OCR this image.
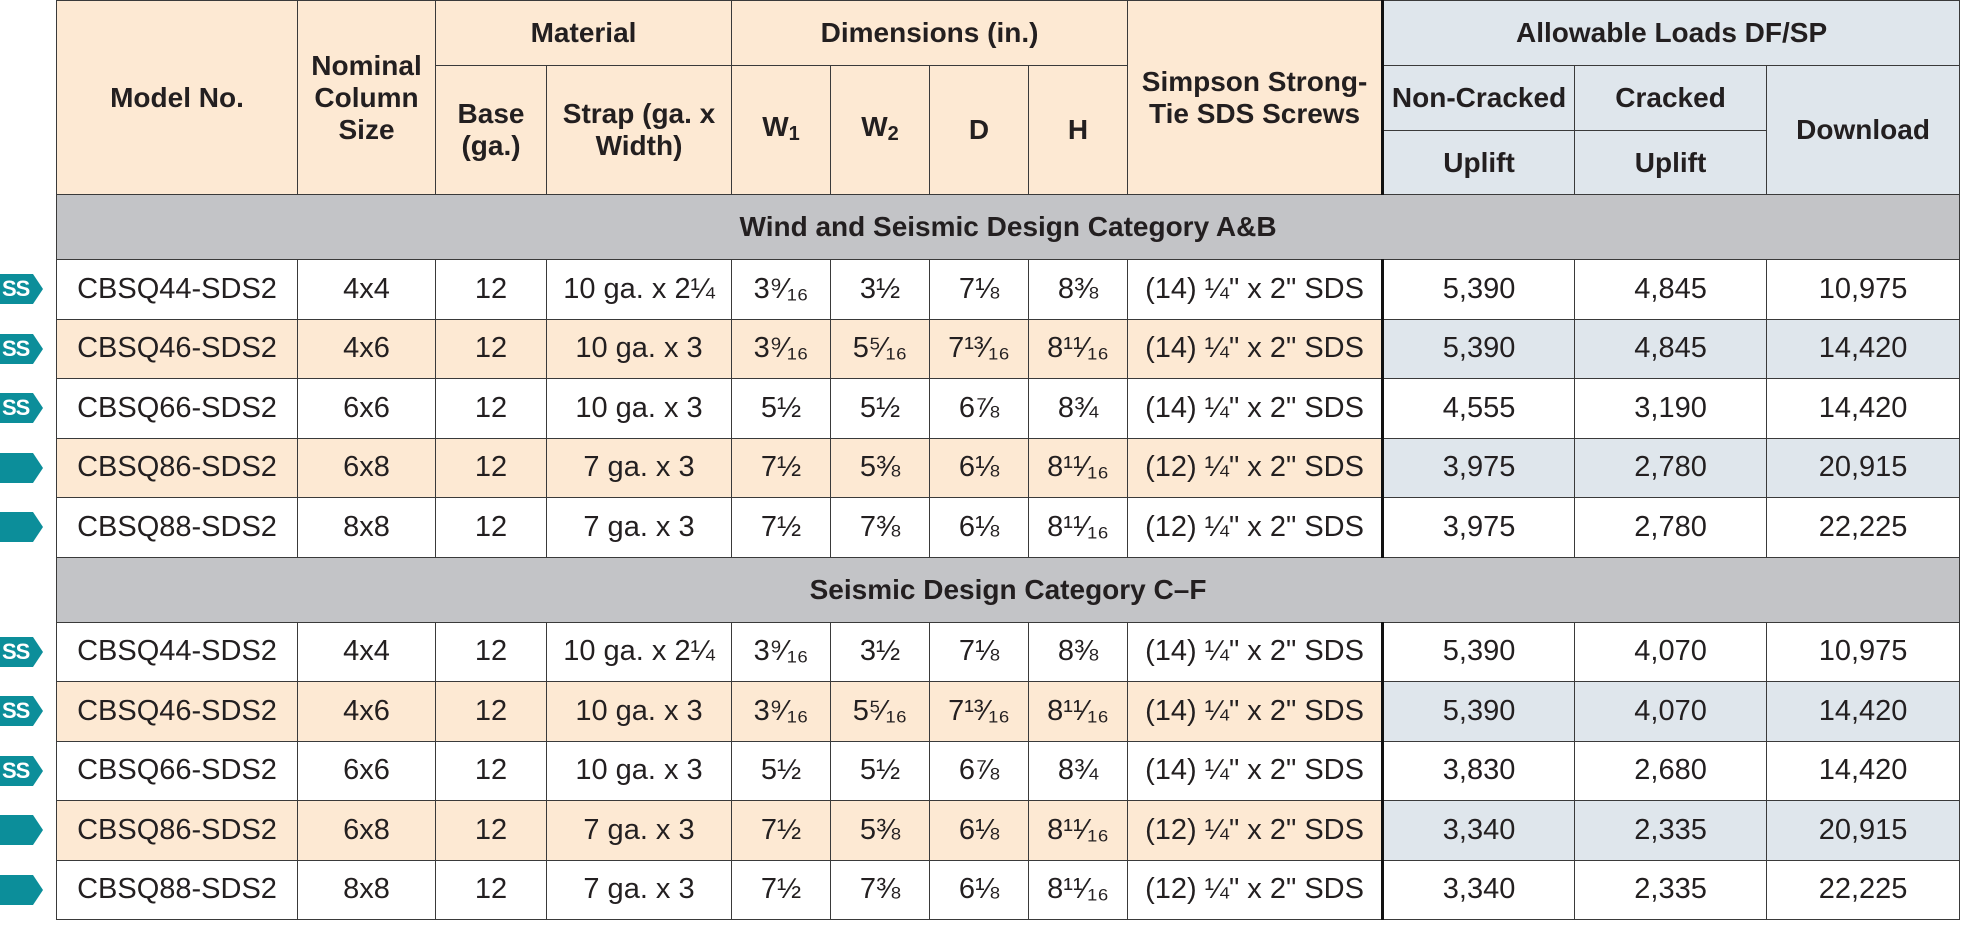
Model No.	Nominal Column Size	Material		Dimensions (in.)				Simpson Strong-Tie SDS Screws	Allowable Loads DF/SP		

		Base (ga.)	Strap (ga. x Width)	$W_1$	$W_2$	D	H		Non-Cracked	Cracked	Download
									Uplift	Uplift	
Wind and Seismic Design Category A&B											
CBSQ44-SDS2	4x4	12	10 ga. x 2¼	3⁹⁄₁₆	3½	7⅛	8⅜	(14) ¼" x 2" SDS	5,390	4,845	10,975
CBSQ46-SDS2	4x6	12	10 ga. x 3	3⁹⁄₁₆	5⁵⁄₁₆	7¹³⁄₁₆	8¹¹⁄₁₆	(14) ¼" x 2" SDS	5,390	4,845	14,420
CBSQ66-SDS2	6x6	12	10 ga. x 3	5½	5½	6⅞	8¾	(14) ¼" x 2" SDS	4,555	3,190	14,420
CBSQ86-SDS2	6x8	12	7 ga. x 3	7½	5⅜	6⅛	8¹¹⁄₁₆	(12) ¼" x 2" SDS	3,975	2,780	20,915
CBSQ88-SDS2	8x8	12	7 ga. x 3	7½	7⅜	6⅛	8¹¹⁄₁₆	(12) ¼" x 2" SDS	3,975	2,780	22,225
Seismic Design Category C–F											
CBSQ44-SDS2	4x4	12	10 ga. x 2¼	3⁹⁄₁₆	3½	7⅛	8⅜	(14) ¼" x 2" SDS	5,390	4,070	10,975
CBSQ46-SDS2	4x6	12	10 ga. x 3	3⁹⁄₁₆	5⁵⁄₁₆	7¹³⁄₁₆	8¹¹⁄₁₆	(14) ¼" x 2" SDS	5,390	4,070	14,420
CBSQ66-SDS2	6x6	12	10 ga. x 3	5½	5½	6⅞	8¾	(14) ¼" x 2" SDS	3,830	2,680	14,420
CBSQ86-SDS2	6x8	12	7 ga. x 3	7½	5⅜	6⅛	8¹¹⁄₁₆	(12) ¼" x 2" SDS	3,340	2,335	20,915
CBSQ88-SDS2	8x8	12	7 ga. x 3	7½	7⅜	6⅛	8¹¹⁄₁₆	(12) ¼" x 2" SDS	3,340	2,335	22,225
SS
SS
SS
SS
SS
SS
